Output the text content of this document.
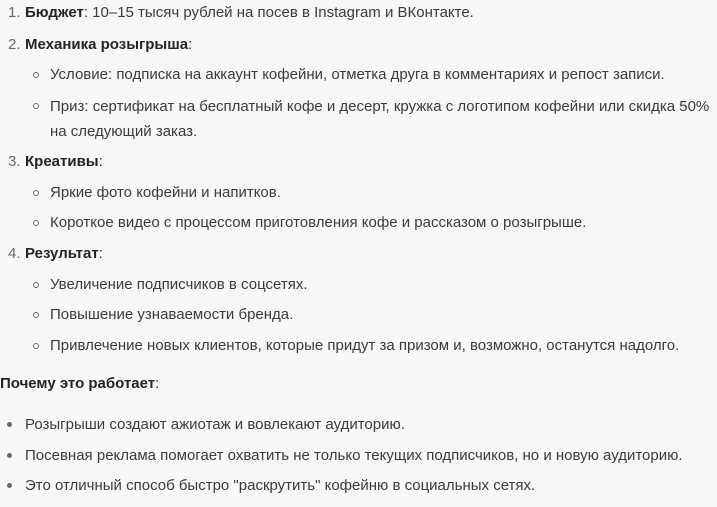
1. Бюджет: 10–15 тысяч рублей на посев в Instagram и ВКонтакте.
2. Механика розыгрыша:
Условие: подписка на аккаунт кофейни, отметка друга в комментариях и репост записи.
Приз: сертификат на бесплатный кофе и десерт, кружка с логотипом кофейни или скидка 50% на следующий заказ.
3. Креативы:
Яркие фото кофейни и напитков.
Короткое видео с процессом приготовления кофе и рассказом о розыгрыше.
4. Результат:
Увеличение подписчиков в соцсетях.
Повышение узнаваемости бренда.
Привлечение новых клиентов, которые придут за призом и, возможно, останутся надолго.
Почему это работает:
Розыгрыши создают ажиотаж и вовлекают аудиторию.
Посевная реклама помогает охватить не только текущих подписчиков, но и новую аудиторию.
Это отличный способ быстро "раскрутить" кофейню в социальных сетях.
